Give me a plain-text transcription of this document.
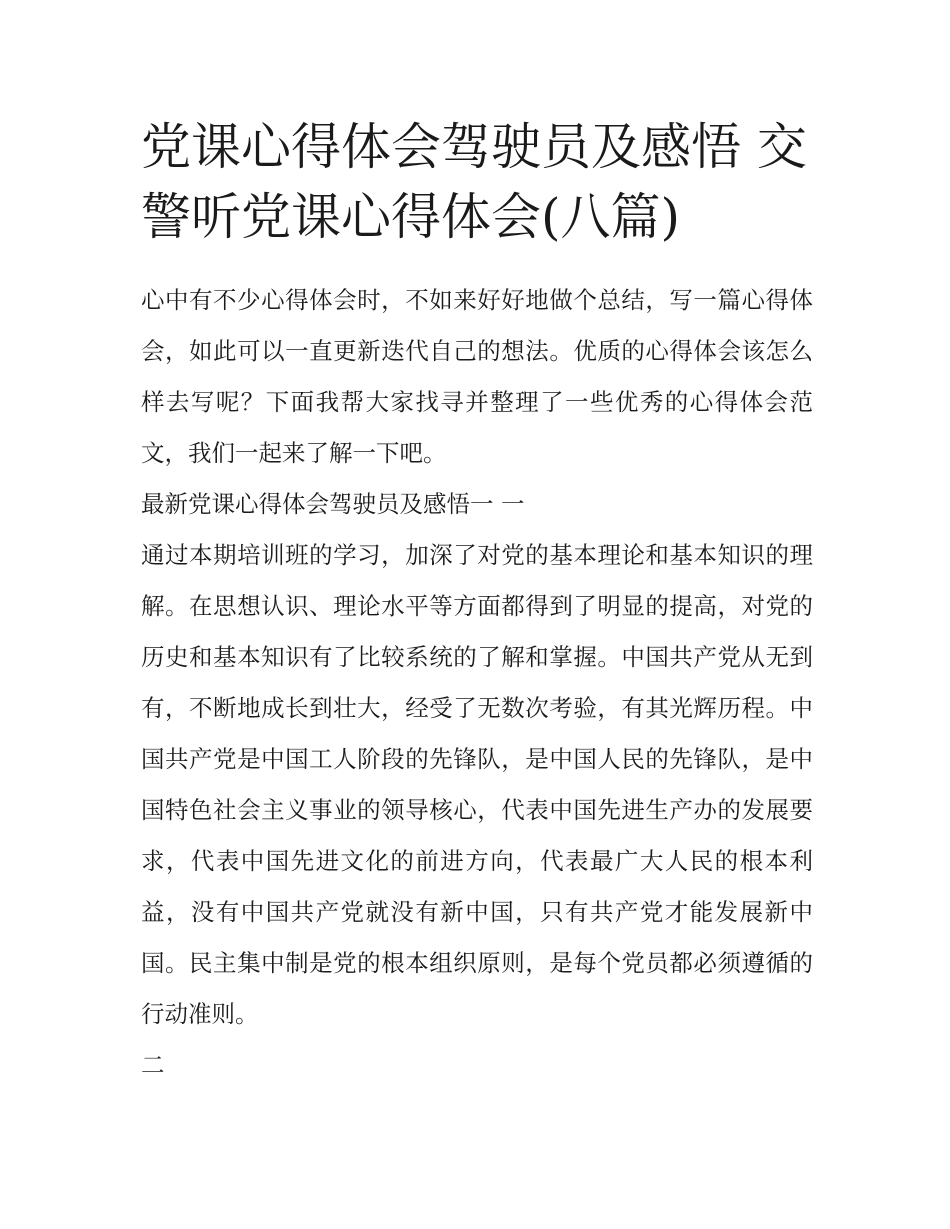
党课心得体会驾驶员及感悟 交警听党课心得体会(八篇)

心中有不少心得体会时，不如来好好地做个总结，写一篇心得体会，如此可以一直更新迭代自己的想法。优质的心得体会该怎么样去写呢？下面我帮大家找寻并整理了一些优秀的心得体会范文，我们一起来了解一下吧。

最新党课心得体会驾驶员及感悟一 一

通过本期培训班的学习，加深了对党的基本理论和基本知识的理解。在思想认识、理论水平等方面都得到了明显的提高，对党的历史和基本知识有了比较系统的了解和掌握。中国共产党从无到有，不断地成长到壮大，经受了无数次考验，有其光辉历程。中国共产党是中国工人阶段的先锋队，是中国人民的先锋队，是中国特色社会主义事业的领导核心，代表中国先进生产办的发展要求，代表中国先进文化的前进方向，代表最广大人民的根本利益，没有中国共产党就没有新中国，只有共产党才能发展新中国。民主集中制是党的根本组织原则，是每个党员都必须遵循的行动准则。

二
